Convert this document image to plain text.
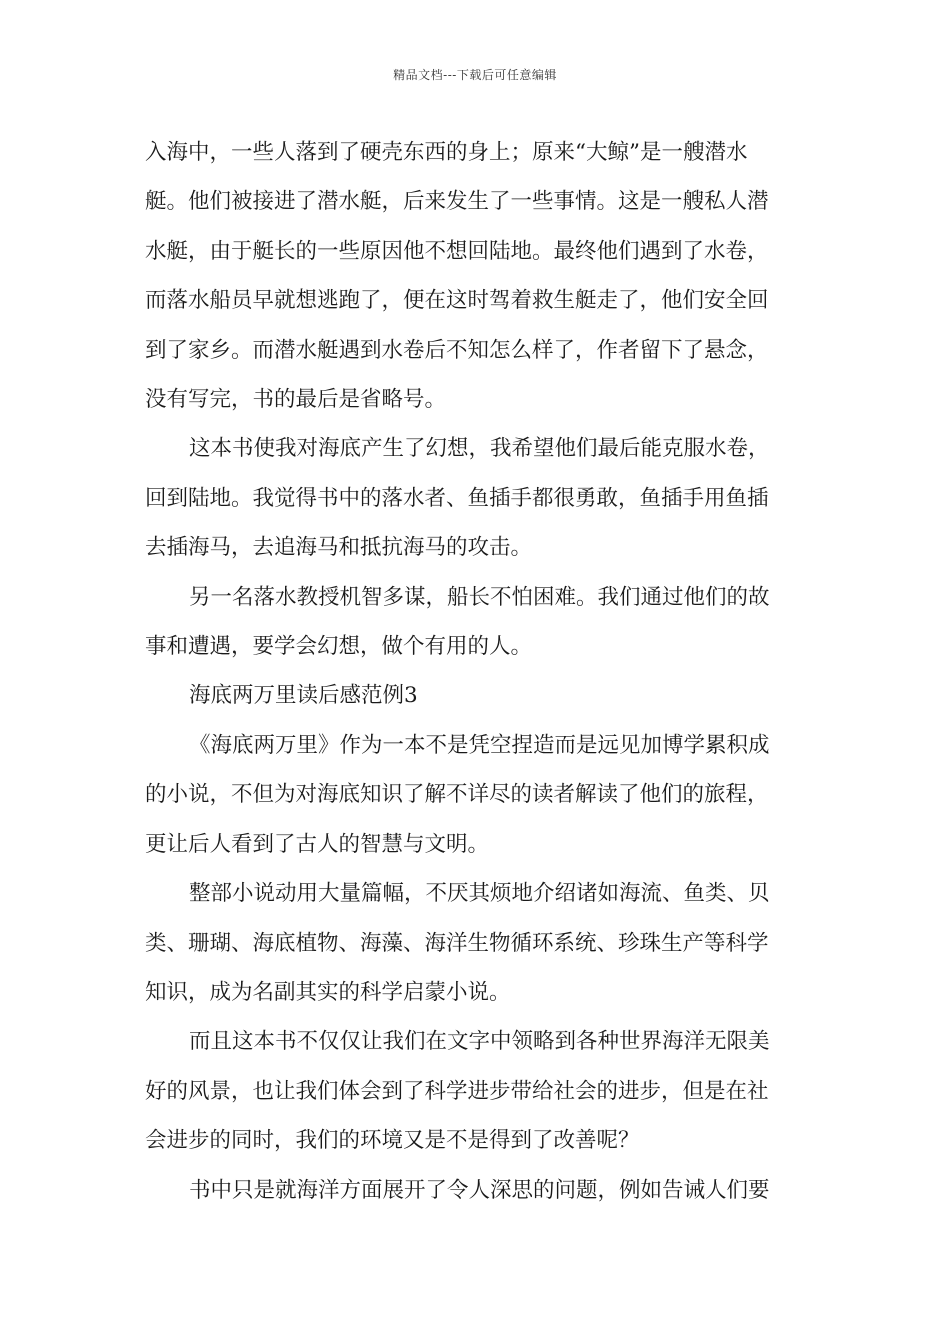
精品文档---下载后可任意编辑
入海中，一些人落到了硬壳东西的身上；原来“大鲸”是一艘潜水
艇。他们被接进了潜水艇，后来发生了一些事情。这是一艘私人潜
水艇，由于艇长的一些原因他不想回陆地。最终他们遇到了水卷，
而落水船员早就想逃跑了，便在这时驾着救生艇走了，他们安全回
到了家乡。而潜水艇遇到水卷后不知怎么样了，作者留下了悬念，
没有写完，书的最后是省略号。
这本书使我对海底产生了幻想，我希望他们最后能克服水卷，
回到陆地。我觉得书中的落水者、鱼插手都很勇敢，鱼插手用鱼插
去插海马，去追海马和抵抗海马的攻击。
另一名落水教授机智多谋，船长不怕困难。我们通过他们的故
事和遭遇，要学会幻想，做个有用的人。
海底两万里读后感范例3
《海底两万里》作为一本不是凭空捏造而是远见加博学累积成
的小说，不但为对海底知识了解不详尽的读者解读了他们的旅程，
更让后人看到了古人的智慧与文明。
整部小说动用大量篇幅，不厌其烦地介绍诸如海流、鱼类、贝
类、珊瑚、海底植物、海藻、海洋生物循环系统、珍珠生产等科学
知识，成为名副其实的科学启蒙小说。
而且这本书不仅仅让我们在文字中领略到各种世界海洋无限美
好的风景，也让我们体会到了科学进步带给社会的进步，但是在社
会进步的同时，我们的环境又是不是得到了改善呢？
书中只是就海洋方面展开了令人深思的问题，例如告诫人们要
